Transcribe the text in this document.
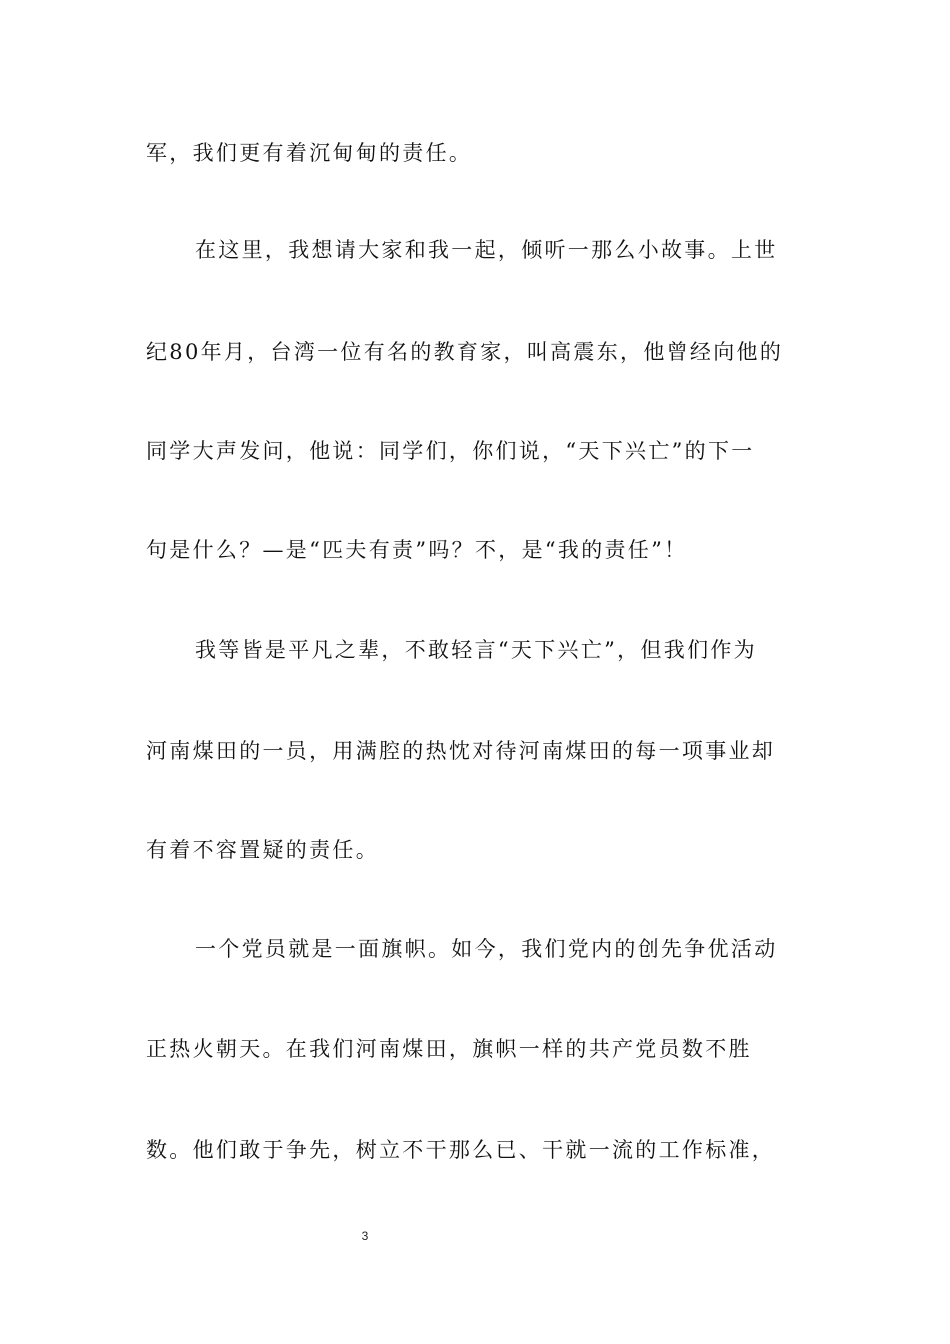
军，我们更有着沉甸甸的责任。
在这里，我想请大家和我一起，倾听一那么小故事。上世
纪80年月，台湾一位有名的教育家，叫高震东，他曾经向他的
同学大声发问，他说：同学们，你们说，“天下兴亡”的下一
句是什么？—是“匹夫有责”吗？不，是“我的责任”！
我等皆是平凡之辈，不敢轻言“天下兴亡”，但我们作为
河南煤田的一员，用满腔的热忱对待河南煤田的每一项事业却
有着不容置疑的责任。
一个党员就是一面旗帜。如今，我们党内的创先争优活动
正热火朝天。在我们河南煤田，旗帜一样的共产党员数不胜
数。他们敢于争先，树立不干那么已、干就一流的工作标准，
3
